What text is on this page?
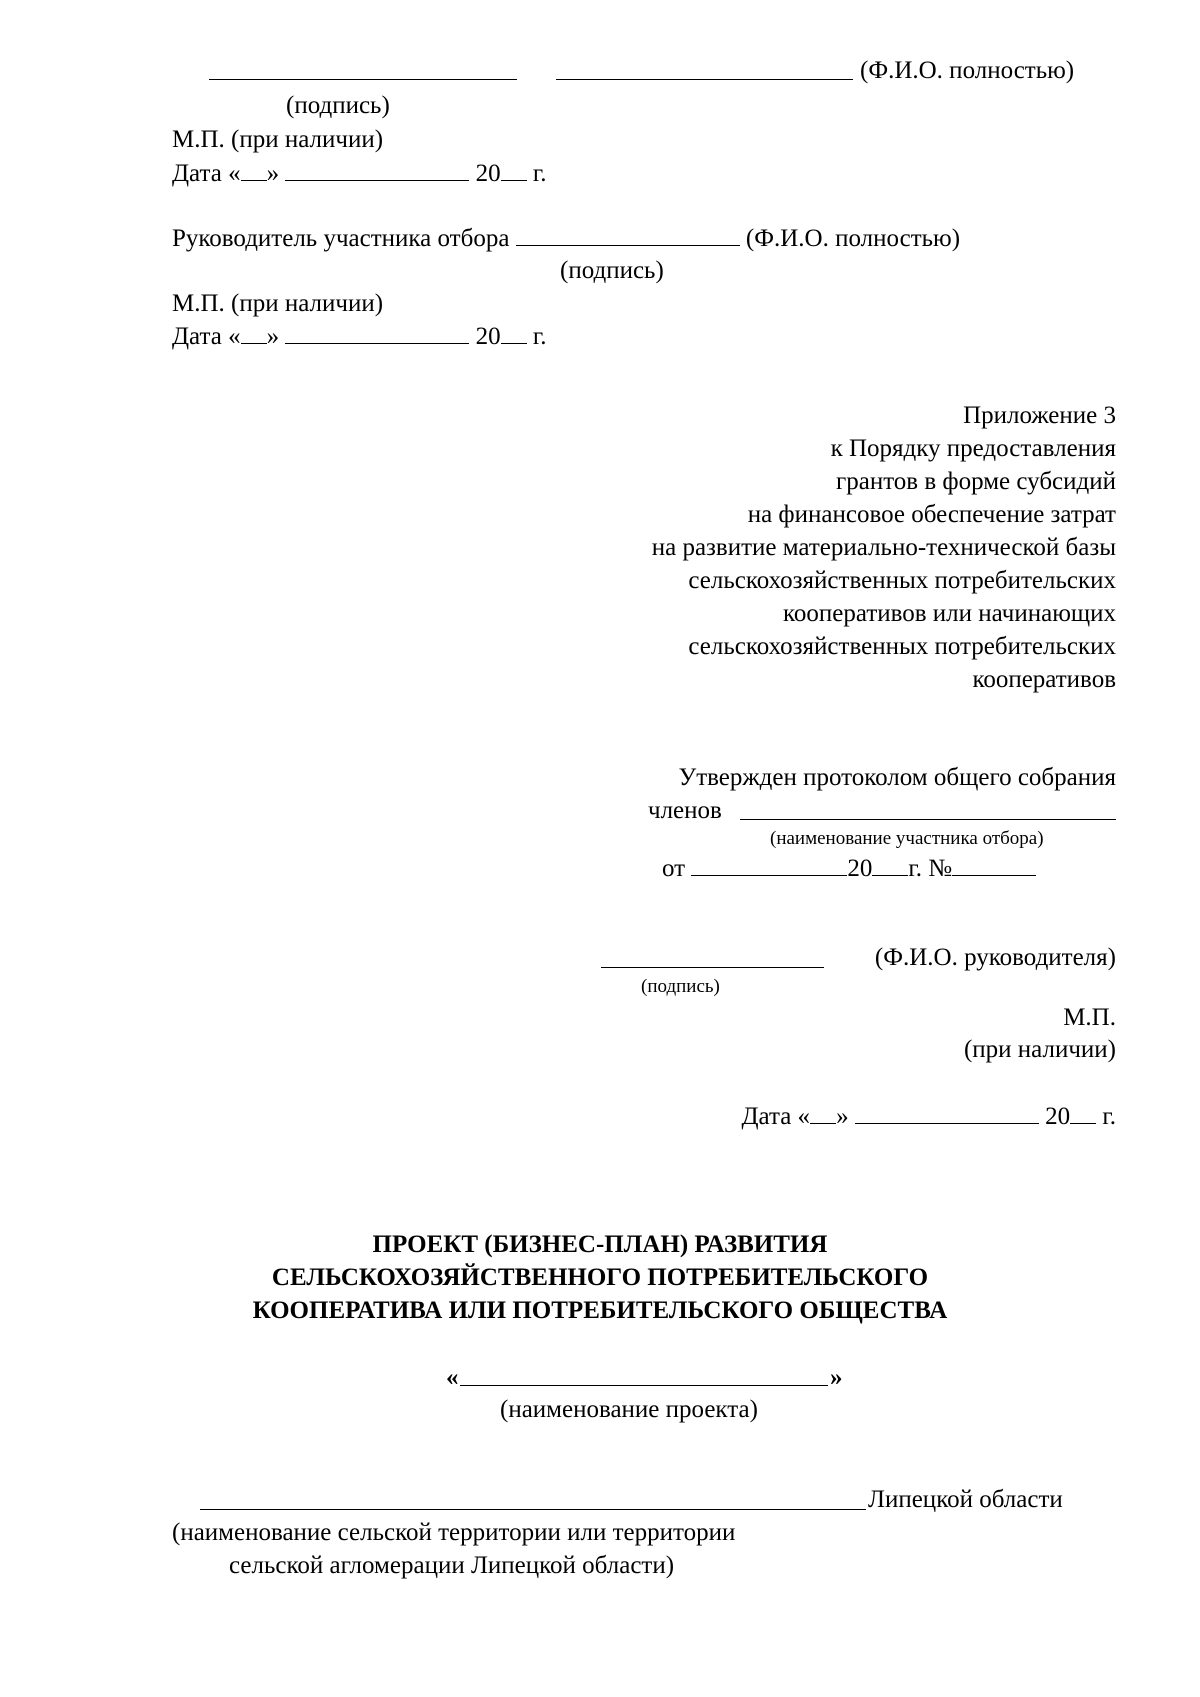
(Ф.И.О. полностью)
(подпись)
М.П. (при наличии)
Дата « »	20 г.
Руководитель участника отбора	(Ф.И.О. полностью)
(подпись)
М.П. (при наличии)
Дата « »	20 г.
Приложение 3
к Порядку предоставления
грантов в форме субсидий
на финансовое обеспечение затрат
на развитие материально-технической базы
сельскохозяйственных потребительских
кооперативов или начинающих
сельскохозяйственных потребительских
кооперативов
Утвержден протоколом общего собрания
членов
(наименование участника отбора)
от	20 г. №
(Ф.И.О. руководителя)
(подпись)
М.П.
(при наличии)
Дата « »	20 г.
ПРОЕКТ (БИЗНЕС-ПЛАН) РАЗВИТИЯ
СЕЛЬСКОХОЗЯЙСТВЕННОГО ПОТРЕБИТЕЛЬСКОГО
КООПЕРАТИВА ИЛИ ПОТРЕБИТЕЛЬСКОГО ОБЩЕСТВА
«	»
(наименование проекта)
Липецкой области
(наименование сельской территории или территории
сельской агломерации Липецкой области)
